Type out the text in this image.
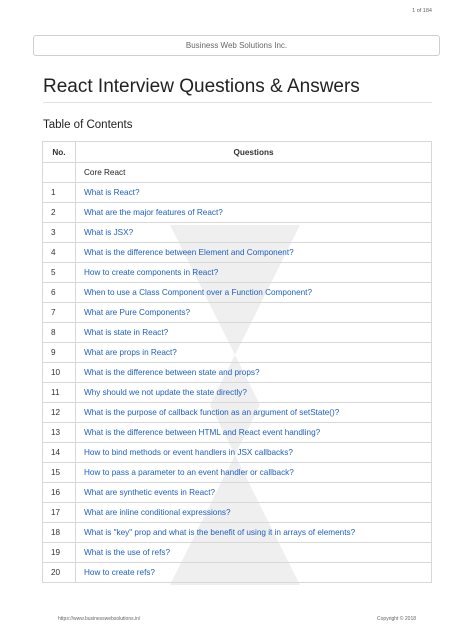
1 of 184
Business Web Solutions Inc.
React Interview Questions & Answers
Table of Contents
No.	Questions
	Core React
1	What is React?
2	What are the major features of React?
3	What is JSX?
4	What is the difference between Element and Component?
5	How to create components in React?
6	When to use a Class Component over a Function Component?
7	What are Pure Components?
8	What is state in React?
9	What are props in React?
10	What is the difference between state and props?
11	Why should we not update the state directly?
12	What is the purpose of callback function as an argument of setState()?
13	What is the difference between HTML and React event handling?
14	How to bind methods or event handlers in JSX callbacks?
15	How to pass a parameter to an event handler or callback?
16	What are synthetic events in React?
17	What are inline conditional expressions?
18	What is "key" prop and what is the benefit of using it in arrays of elements?
19	What is the use of refs?
20	How to create refs?
https://www.businesswebsolutions.in/	Copyright © 2018
